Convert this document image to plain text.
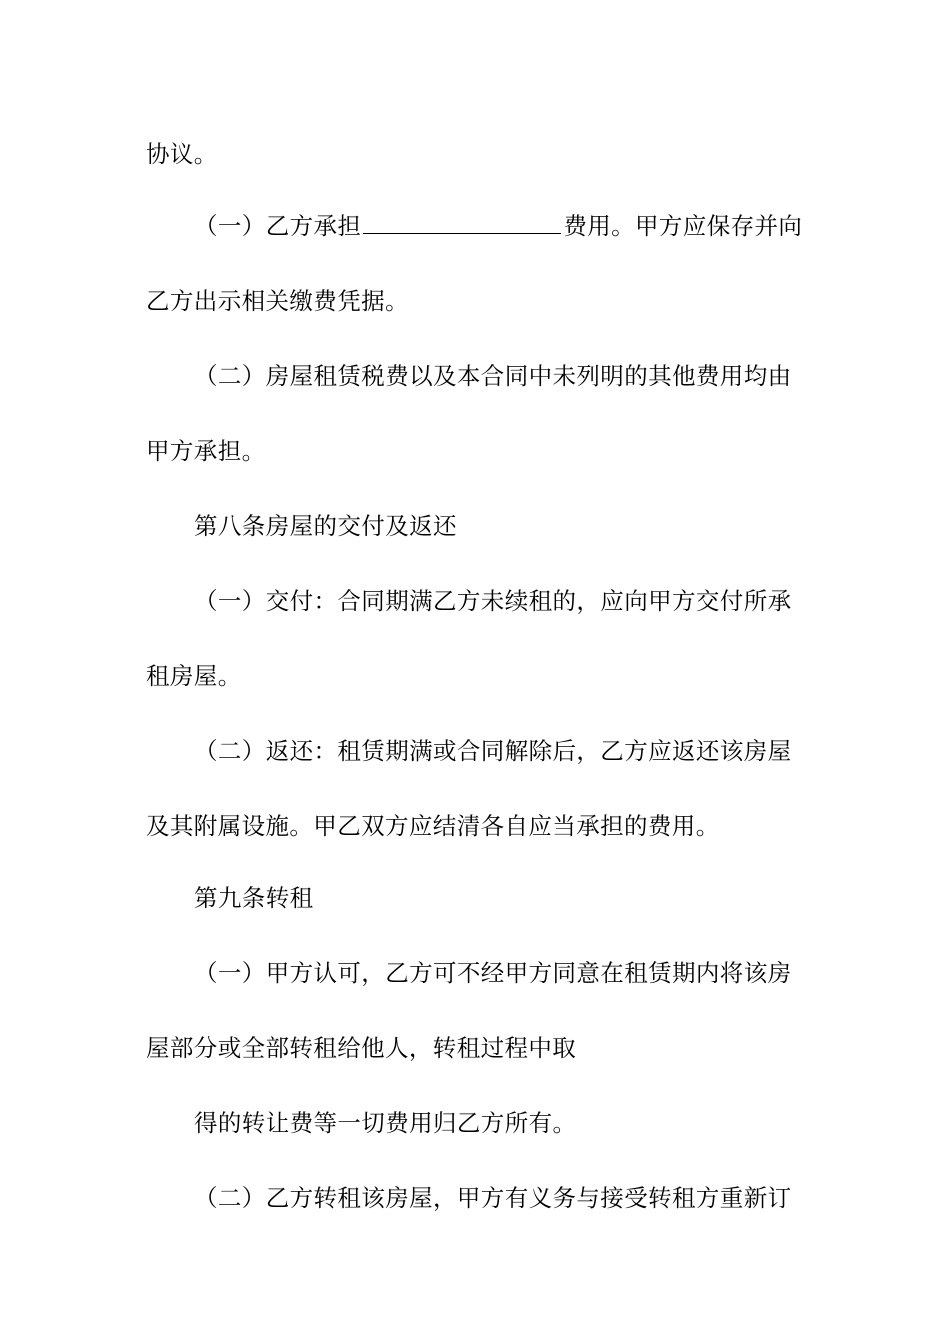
协议。
（一）乙方承担	费用。甲方应保存并向
乙方出示相关缴费凭据。
（二）房屋租赁税费以及本合同中未列明的其他费用均由
甲方承担。
第八条房屋的交付及返还
（一）交付：合同期满乙方未续租的，应向甲方交付所承
租房屋。
（二）返还：租赁期满或合同解除后，乙方应返还该房屋
及其附属设施。甲乙双方应结清各自应当承担的费用。
第九条转租
（一）甲方认可，乙方可不经甲方同意在租赁期内将该房
屋部分或全部转租给他人，转租过程中取
得的转让费等一切费用归乙方所有。
（二）乙方转租该房屋，甲方有义务与接受转租方重新订
